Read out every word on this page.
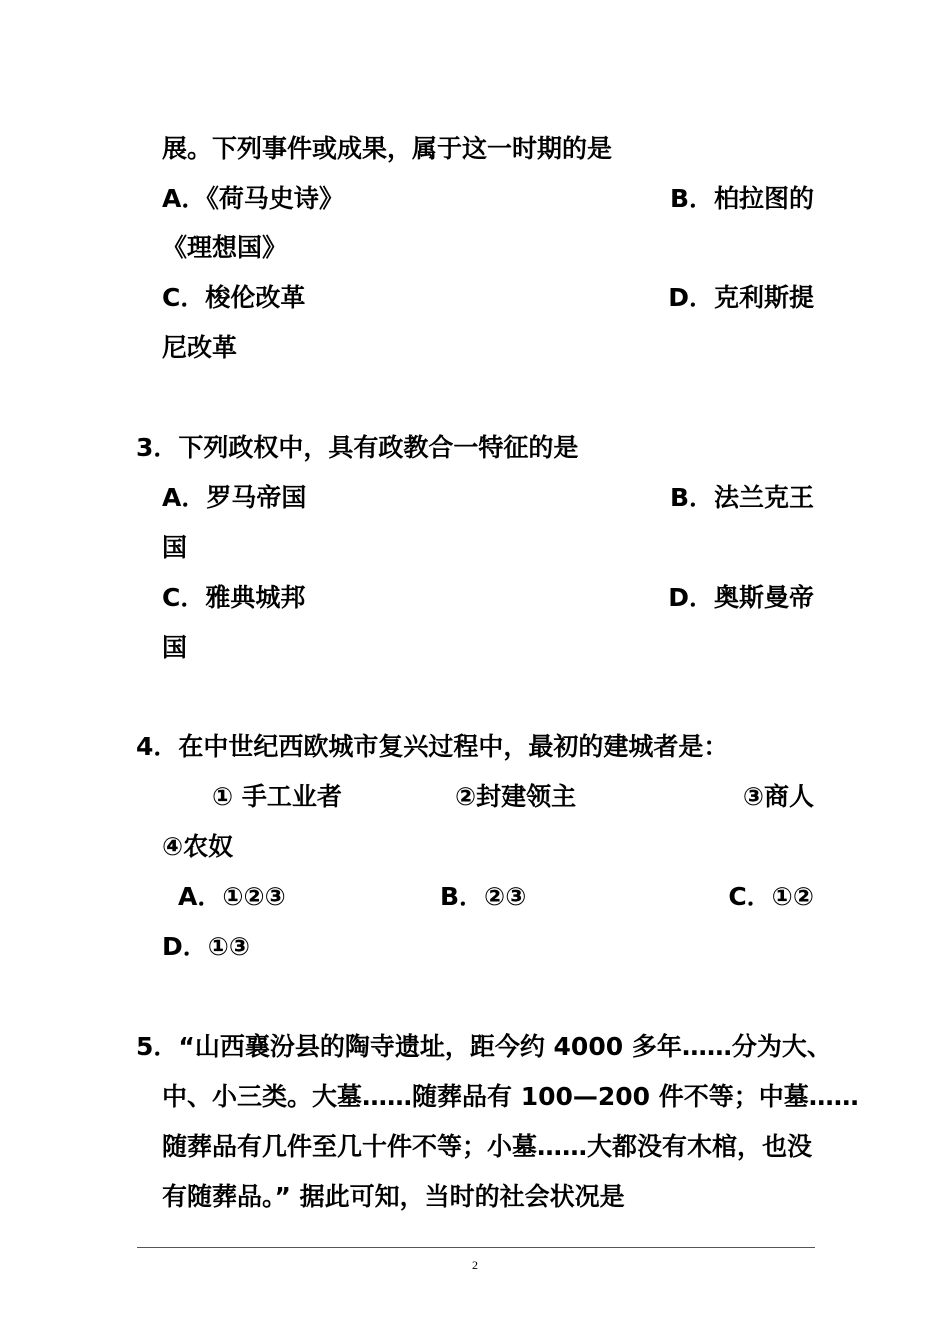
展。下列事件或成果，属于这一时期的是
A．《荷马史诗》	B．柏拉图的
《理想国》
C．梭伦改革	D．克利斯提
尼改革
3．下列政权中，具有政教合一特征的是
A．罗马帝国	B．法兰克王
国
C．雅典城邦	D．奥斯曼帝
国
4．在中世纪西欧城市复兴过程中，最初的建城者是：
① 手工业者	②封建领主	③商人
④农奴
A．①②③	B．②③	C．①②
D．①③
5．“山西襄汾县的陶寺遗址，距今约 4000 多年……分为大、
中、小三类。大墓……随葬品有 100—200 件不等；中墓……
随葬品有几件至几十件不等；小墓……大都没有木棺，也没
有随葬品。” 据此可知，当时的社会状况是
2
